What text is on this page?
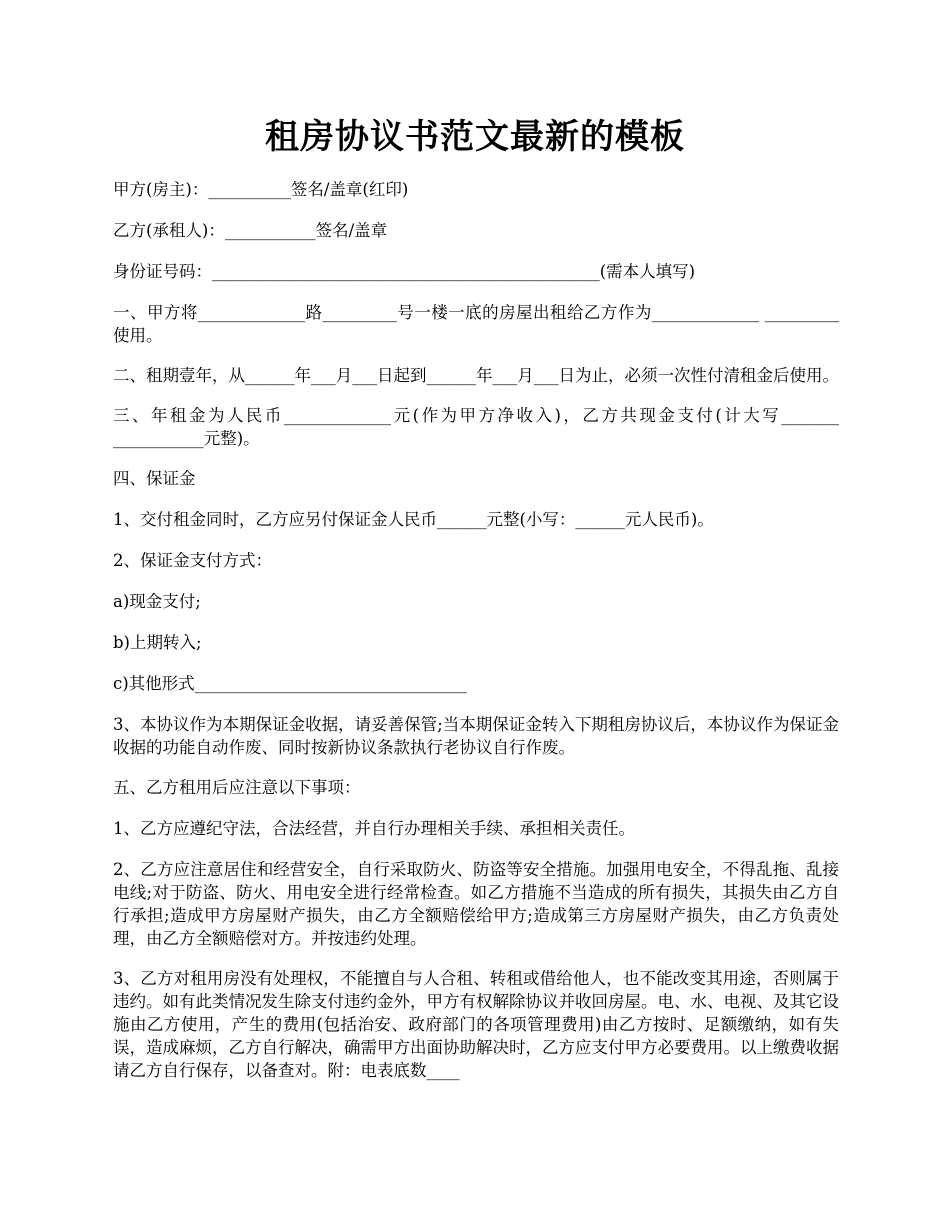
租房协议书范文最新的模板

甲方(房主)：__________签名/盖章(红印)

乙方(承租人)：___________签名/盖章

身份证号码：_______________________________________________(需本人填写)

一、甲方将_____________路_________号一楼一底的房屋出租给乙方作为_____________ _________使用。

二、租期壹年，从______年___月___日起到______年___月___日为止，必须一次性付清租金后使用。

三、年租金为人民币_____________元(作为甲方净收入)，乙方共现金支付(计大写_______ ___________元整)。

四、保证金

1、交付租金同时，乙方应另付保证金人民币______元整(小写：______元人民币)。

2、保证金支付方式：

a)现金支付;

b)上期转入;

c)其他形式_________________________________

3、本协议作为本期保证金收据，请妥善保管;当本期保证金转入下期租房协议后，本协议作为保证金收据的功能自动作废、同时按新协议条款执行老协议自行作废。

五、乙方租用后应注意以下事项：

1、乙方应遵纪守法，合法经营，并自行办理相关手续、承担相关责任。

2、乙方应注意居住和经营安全，自行采取防火、防盗等安全措施。加强用电安全，不得乱拖、乱接电线;对于防盗、防火、用电安全进行经常检查。如乙方措施不当造成的所有损失，其损失由乙方自行承担;造成甲方房屋财产损失，由乙方全额赔偿给甲方;造成第三方房屋财产损失，由乙方负责处理，由乙方全额赔偿对方。并按违约处理。

3、乙方对租用房没有处理权，不能擅自与人合租、转租或借给他人，也不能改变其用途，否则属于违约。如有此类情况发生除支付违约金外，甲方有权解除协议并收回房屋。电、水、电视、及其它设施由乙方使用，产生的费用(包括治安、政府部门的各项管理费用)由乙方按时、足额缴纳，如有失误，造成麻烦，乙方自行解决，确需甲方出面协助解决时，乙方应支付甲方必要费用。以上缴费收据请乙方自行保存，以备查对。附：电表底数____
